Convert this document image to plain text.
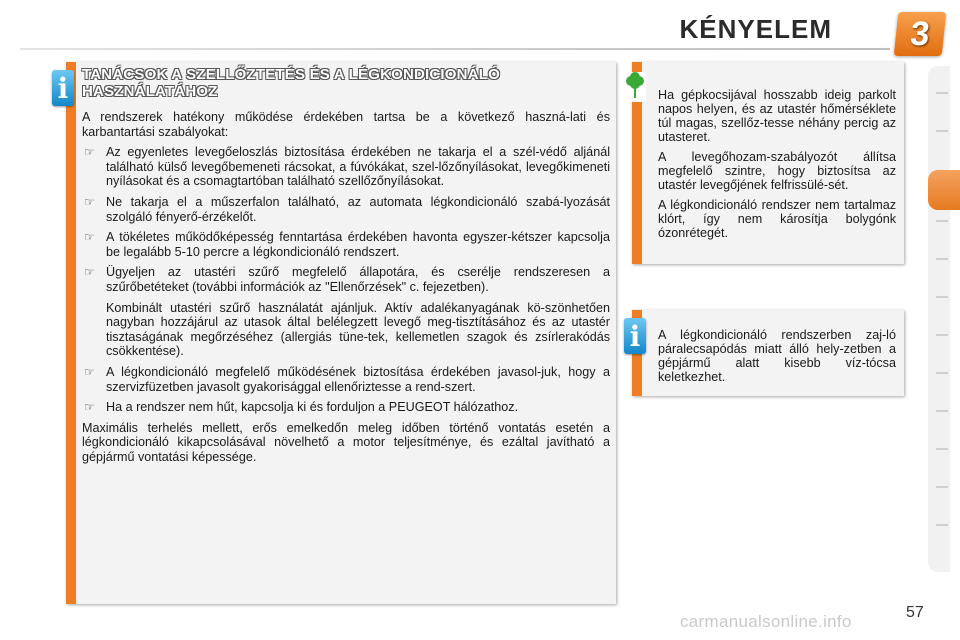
KÉNYELEM	3
i TANÁCSOK A SZELLŐZTETÉS ÉS A LÉGKONDICIONÁLÓ HASZNÁLATÁHOZ

A rendszerek hatékony működése érdekében tartsa be a következő haszná-lati és karbantartási szabályokat:

☞ Az egyenletes levegőeloszlás biztosítása érdekében ne takarja el a szél-védő aljánál található külső levegőbemeneti rácsokat, a fúvókákat, szel-lőzőnyílásokat, levegőkimeneti nyílásokat és a csomagtartóban található szellőzőnyílásokat.
☞ Ne takarja el a műszerfalon található, az automata légkondicionáló szabá-lyozását szolgáló fényerő-érzékelőt.
☞ A tökéletes működőképesség fenntartása érdekében havonta egyszer-kétszer kapcsolja be legalább 5-10 percre a légkondicionáló rendszert.
☞ Ügyeljen az utastéri szűrő megfelelő állapotára, és cserélje rendszeresen a szűrőbetéteket (további információk az "Ellenőrzések" c. fejezetben).

Kombinált utastéri szűrő használatát ajánljuk. Aktív adalékanyagának kö-szönhetően nagyban hozzájárul az utasok által belélegzett levegő meg-tisztításához és az utastér tisztaságának megőrzéséhez (allergiás tüne-tek, kellemetlen szagok és zsírlerakódás csökkentése).

☞ A légkondicionáló megfelelő működésének biztosítása érdekében javasol-juk, hogy a szervizfüzetben javasolt gyakorisággal ellenőriztesse a rend-szert.
☞ Ha a rendszer nem hűt, kapcsolja ki és forduljon a PEUGEOT hálózathoz.

Maximális terhelés mellett, erős emelkedőn meleg időben történő vontatás esetén a légkondicionáló kikapcsolásával növelhető a motor teljesítménye, és ezáltal javítható a gépjármű vontatási képessége.

Ha gépkocsijával hosszabb ideig parkolt napos helyen, és az utastér hőmérséklete túl magas, szellőz-tesse néhány percig az utasteret.

A levegőhozam-szabályozót állítsa megfelelő szintre, hogy biztosítsa az utastér levegőjének felfrissülé-sét.

A légkondicionáló rendszer nem tartalmaz klórt, így nem károsítja bolygónk ózonrétegét.

i	A légkondicionáló rendszerben zaj-ló páralecsapódás miatt álló hely-zetben a gépjármű alatt kisebb víz-tócsa keletkezhet.
carmanualsonline.info	57
